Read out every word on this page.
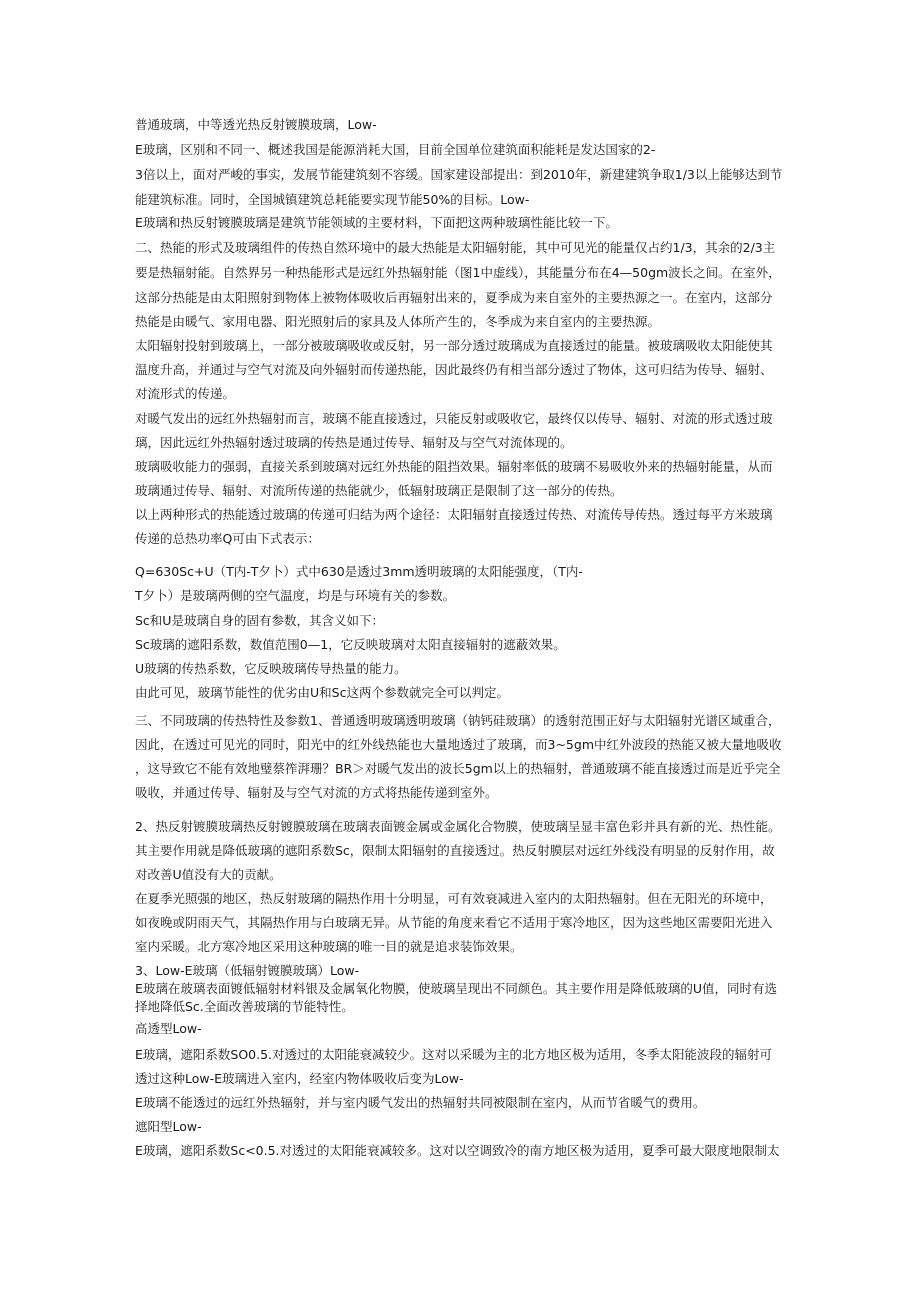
普通玻璃，中等透光热反射镀膜玻璃，Low-
E玻璃，区别和不同一、概述我国是能源消耗大国，目前全国单位建筑面积能耗是发达国家的2-
3倍以上，面对严峻的事实，发展节能建筑刻不容缓。国家建设部提出：到2010年，新建建筑争取1/3以上能够达到节
能建筑标准。同时，全国城镇建筑总耗能要实现节能50%的目标。Low-
E玻璃和热反射镀膜玻璃是建筑节能领域的主要材料，下面把这两种玻璃性能比较一下。
二、热能的形式及玻璃组件的传热自然环境中的最大热能是太阳辐射能，其中可见光的能量仅占约1/3，其余的2/3主
要是热辐射能。自然界另一种热能形式是远红外热辐射能（图1中虚线），其能量分布在4—50gm波长之间。在室外，
这部分热能是由太阳照射到物体上被物体吸收后再辐射出来的，夏季成为来自室外的主要热源之一。在室内，这部分
热能是由暖气、家用电器、阳光照射后的家具及人体所产生的，冬季成为来自室内的主要热源。
太阳辐射投射到玻璃上，一部分被玻璃吸收或反射，另一部分透过玻璃成为直接透过的能量。被玻璃吸收太阳能使其
温度升高，并通过与空气对流及向外辐射而传递热能，因此最终仍有相当部分透过了物体，这可归结为传导、辐射、
对流形式的传递。
对暖气发出的远红外热辐射而言，玻璃不能直接透过，只能反射或吸收它，最终仅以传导、辐射、对流的形式透过玻
璃，因此远红外热辐射透过玻璃的传热是通过传导、辐射及与空气对流体现的。
玻璃吸收能力的强弱，直接关系到玻璃对远红外热能的阻挡效果。辐射率低的玻璃不易吸收外来的热辐射能量，从而
玻璃通过传导、辐射、对流所传递的热能就少，低辐射玻璃正是限制了这一部分的传热。
以上两种形式的热能透过玻璃的传递可归结为两个途径：太阳辐射直接透过传热、对流传导传热。透过每平方米玻璃
传递的总热功率Q可由下式表示：
Q=630Sc+U（T内-T夕卜）式中630是透过3mm透明玻璃的太阳能强度，（T内-
T夕卜）是玻璃两侧的空气温度，均是与环境有关的参数。
Sc和U是玻璃自身的固有参数，其含义如下：
Sc玻璃的遮阳系数，数值范围0—1，它反映玻璃对太阳直接辐射的遮蔽效果。
U玻璃的传热系数，它反映玻璃传导热量的能力。
由此可见，玻璃节能性的优劣由U和Sc这两个参数就完全可以判定。
三、不同玻璃的传热特性及参数1、普通透明玻璃透明玻璃（钠钙硅玻璃）的透射范围正好与太阳辐射光谱区域重合，
因此，在透过可见光的同时，阳光中的红外线热能也大量地透过了玻璃，而3~5gm中红外波段的热能又被大量地吸收
，这导致它不能有效地璧蔡筰湃珊？BR＞对暖气发出的波长5gm以上的热辐射，普通玻璃不能直接透过而是近乎完全
吸收，并通过传导、辐射及与空气对流的方式将热能传递到室外。
2、热反射镀膜玻璃热反射镀膜玻璃在玻璃表面镀金属或金属化合物膜，使玻璃呈显丰富色彩并具有新的光、热性能。
其主要作用就是降低玻璃的遮阳系数Sc，限制太阳辐射的直接透过。热反射膜层对远红外线没有明显的反射作用，故
对改善U值没有大的贡献。
在夏季光照强的地区，热反射玻璃的隔热作用十分明显，可有效衰减进入室内的太阳热辐射。但在无阳光的环境中，
如夜晚或阴雨天气，其隔热作用与白玻璃无异。从节能的角度来看它不适用于寒冷地区，因为这些地区需要阳光进入
室内采暖。北方寒冷地区采用这种玻璃的唯一目的就是追求装饰效果。
3、Low-E玻璃（低辐射镀膜玻璃）Low-
E玻璃在玻璃表面镀低辐射材料银及金属氧化物膜，使玻璃呈现出不同颜色。其主要作用是降低玻璃的U值，同时有选
择地降低Sc.全面改善玻璃的节能特性。
高透型Low-
E玻璃，遮阳系数SO0.5.对透过的太阳能衰减较少。这对以采暖为主的北方地区极为适用，冬季太阳能波段的辐射可
透过这种Low-E玻璃进入室内，经室内物体吸收后变为Low-
E玻璃不能透过的远红外热辐射，并与室内暖气发出的热辐射共同被限制在室内，从而节省暖气的费用。
遮阳型Low-
E玻璃，遮阳系数Sc<0.5.对透过的太阳能衰减较多。这对以空调致冷的南方地区极为适用，夏季可最大限度地限制太
